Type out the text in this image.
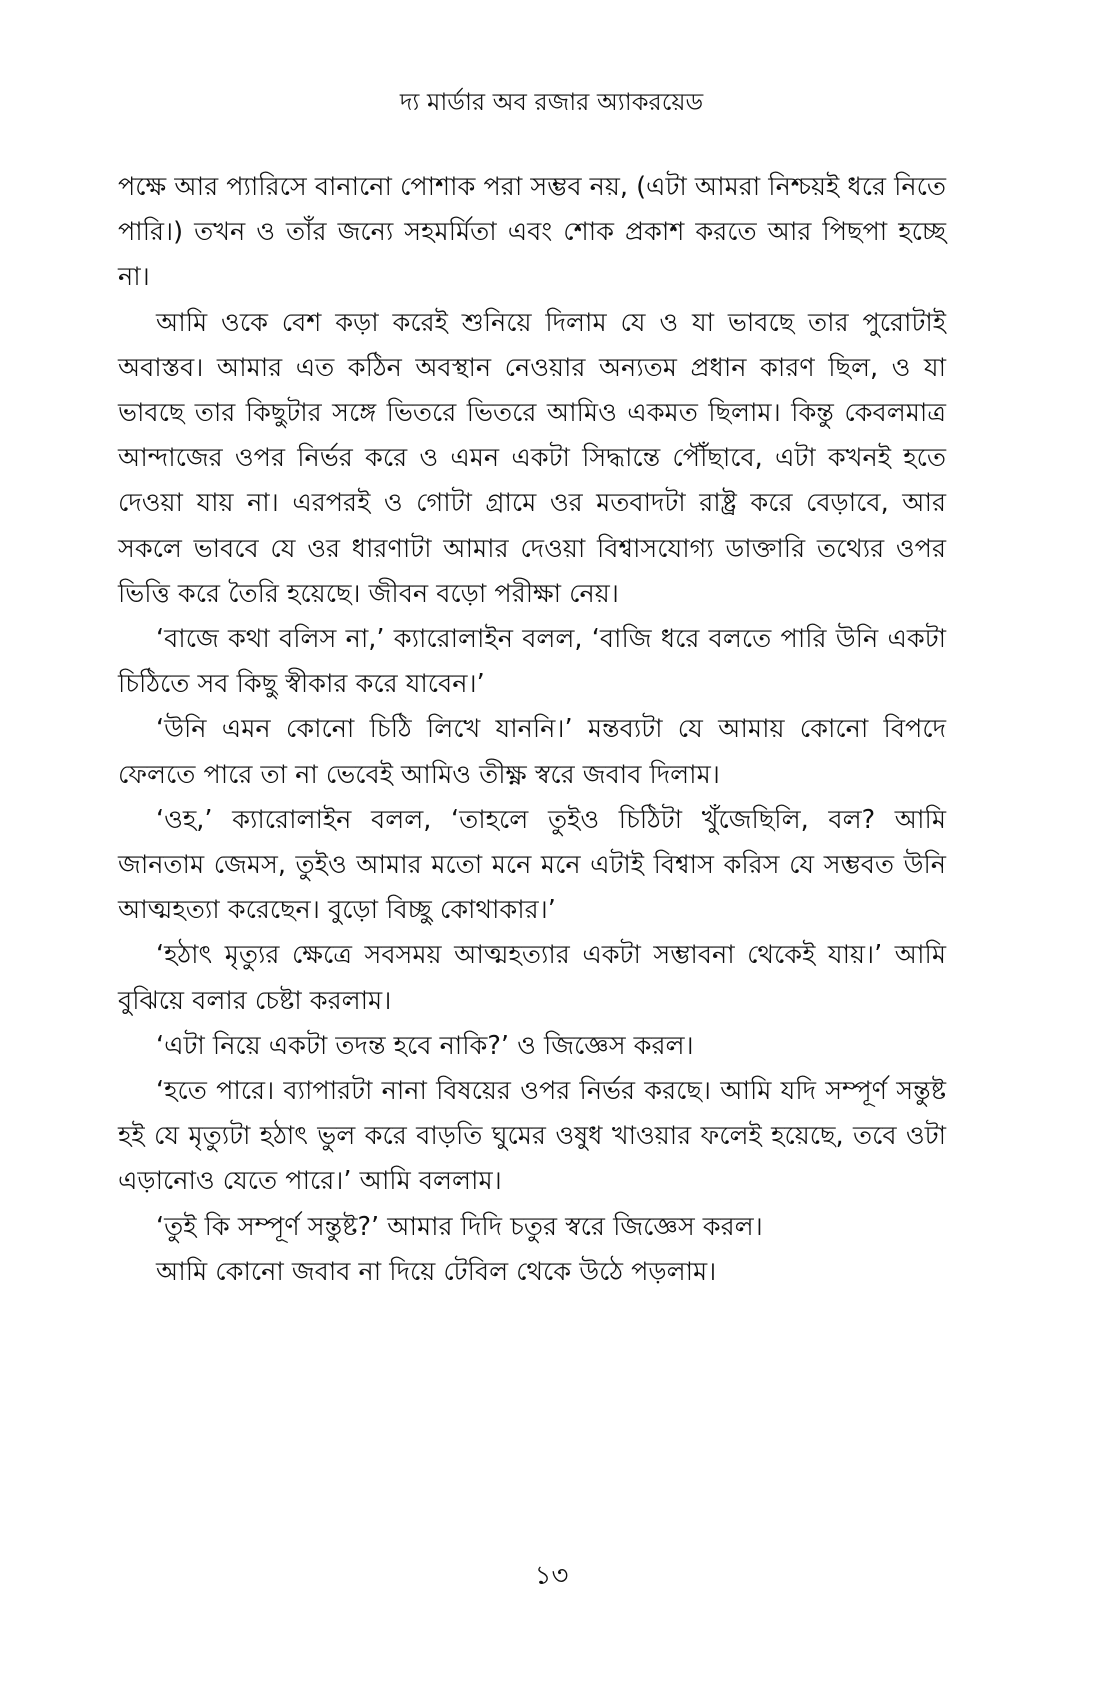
দ্য মার্ডার অব রজার অ্যাকরয়েড

পক্ষে আর প্যারিসে বানানো পোশাক পরা সম্ভব নয়, (এটা আমরা নিশ্চয়ই ধরে নিতে পারি।) তখন ও তাঁর জন্যে সহমর্মিতা এবং শোক প্রকাশ করতে আর পিছপা হচ্ছে না।

আমি ওকে বেশ কড়া করেই শুনিয়ে দিলাম যে ও যা ভাবছে তার পুরোটাই অবাস্তব। আমার এত কঠিন অবস্থান নেওয়ার অন্যতম প্রধান কারণ ছিল, ও যা ভাবছে তার কিছুটার সঙ্গে ভিতরে ভিতরে আমিও একমত ছিলাম। কিন্তু কেবলমাত্র আন্দাজের ওপর নির্ভর করে ও এমন একটা সিদ্ধান্তে পৌঁছাবে, এটা কখনই হতে দেওয়া যায় না। এরপরই ও গোটা গ্রামে ওর মতবাদটা রাষ্ট্র করে বেড়াবে, আর সকলে ভাববে যে ওর ধারণাটা আমার দেওয়া বিশ্বাসযোগ্য ডাক্তারি তথ্যের ওপর ভিত্তি করে তৈরি হয়েছে। জীবন বড়ো পরীক্ষা নেয়।

‘বাজে কথা বলিস না,’ ক্যারোলাইন বলল, ‘বাজি ধরে বলতে পারি উনি একটা চিঠিতে সব কিছু স্বীকার করে যাবেন।’

‘উনি এমন কোনো চিঠি লিখে যাননি।’ মন্তব্যটা যে আমায় কোনো বিপদে ফেলতে পারে তা না ভেবেই আমিও তীক্ষ্ণ স্বরে জবাব দিলাম।

‘ওহ,’ ক্যারোলাইন বলল, ‘তাহলে তুইও চিঠিটা খুঁজেছিলি, বল? আমি জানতাম জেমস, তুইও আমার মতো মনে মনে এটাই বিশ্বাস করিস যে সম্ভবত উনি আত্মহত্যা করেছেন। বুড়ো বিচ্ছু কোথাকার।’

‘হঠাৎ মৃত্যুর ক্ষেত্রে সবসময় আত্মহত্যার একটা সম্ভাবনা থেকেই যায়।’ আমি বুঝিয়ে বলার চেষ্টা করলাম।

‘এটা নিয়ে একটা তদন্ত হবে নাকি?’ ও জিজ্ঞেস করল।

‘হতে পারে। ব্যাপারটা নানা বিষয়ের ওপর নির্ভর করছে। আমি যদি সম্পূর্ণ সন্তুষ্ট হই যে মৃত্যুটা হঠাৎ ভুল করে বাড়তি ঘুমের ওষুধ খাওয়ার ফলেই হয়েছে, তবে ওটা এড়ানোও যেতে পারে।’ আমি বললাম।

‘তুই কি সম্পূর্ণ সন্তুষ্ট?’ আমার দিদি চতুর স্বরে জিজ্ঞেস করল।

আমি কোনো জবাব না দিয়ে টেবিল থেকে উঠে পড়লাম।

১৩
